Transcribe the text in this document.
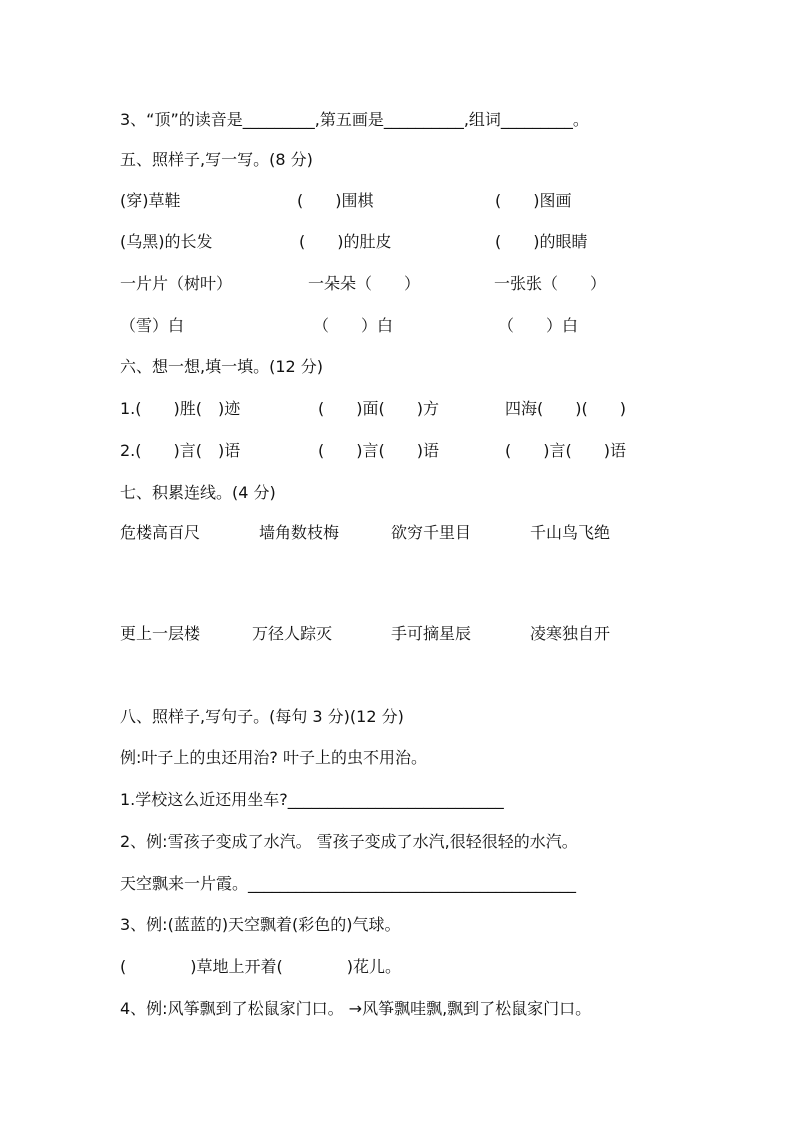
3、“顶”的读音是_________,第五画是__________,组词_________。
五、照样子,写一写。(8 分)
(穿)草鞋	(　　)围棋	(　　)图画
(乌黑)的长发	(　　)的肚皮	(　　)的眼睛
一片片（树叶）	一朵朵（　　）	一张张（　　）
（雪）白	（　　）白	（　　）白
六、想一想,填一填。(12 分)
1.(　　)胜(　)迹	(　　)面(　　)方	四海(　　)(　　)
2.(　　)言(　)语	(　　)言(　　)语	(　　)言(　　)语
七、积累连线。(4 分)
危楼高百尺	墙角数枝梅	欲穷千里目	千山鸟飞绝
更上一层楼	万径人踪灭	手可摘星辰	凌寒独自开
八、照样子,写句子。(每句 3 分)(12 分)
例:叶子上的虫还用治? 叶子上的虫不用治。
1.学校这么近还用坐车?___________________________
2、例:雪孩子变成了水汽。 雪孩子变成了水汽,很轻很轻的水汽。
天空飘来一片霞。_________________________________________
3、例:(蓝蓝的)天空飘着(彩色的)气球。
(　　　　)草地上开着(　　　　)花儿。
4、例:风筝飘到了松鼠家门口。 →风筝飘哇飘,飘到了松鼠家门口。
